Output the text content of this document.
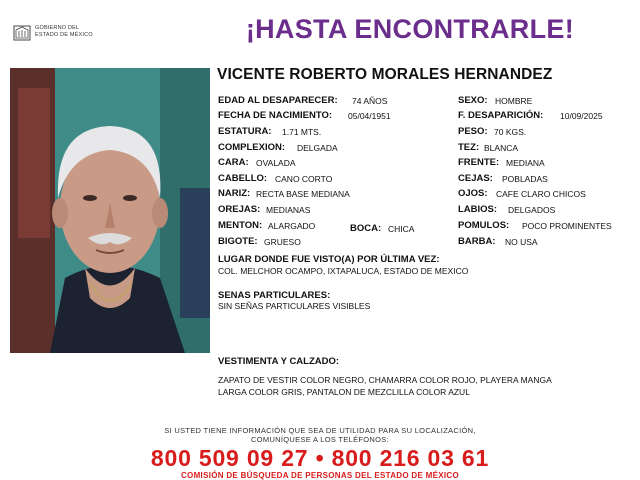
GOBIERNO DEL
ESTADO DE MÉXICO	¡HASTA ENCONTRARLE!
VICENTE ROBERTO MORALES HERNANDEZ
EDAD AL DESAPARECER: 74 AÑOS
FECHA DE NACIMIENTO: 05/04/1951
ESTATURA: 1.71 MTS.
COMPLEXION: DELGADA
CARA: OVALADA
CABELLO: CANO CORTO
NARIZ: RECTA BASE MEDIANA
OREJAS: MEDIANAS
MENTON: ALARGADO	BOCA: CHICA
BIGOTE: GRUESO
SEXO: HOMBRE
F. DESAPARICIÓN: 10/09/2025
PESO: 70 KGS.
TEZ: BLANCA
FRENTE: MEDIANA
CEJAS: POBLADAS
OJOS: CAFE CLARO CHICOS
LABIOS: DELGADOS
POMULOS: POCO PROMINENTES
BARBA: NO USA
LUGAR DONDE FUE VISTO(A) POR ÚLTIMA VEZ:
COL. MELCHOR OCAMPO, IXTAPALUCA, ESTADO DE MEXICO
SENAS PARTICULARES:
SIN SEÑAS PARTICULARES VISIBLES
VESTIMENTA Y CALZADO:
ZAPATO DE VESTIR COLOR NEGRO, CHAMARRA COLOR ROJO, PLAYERA MANGA
LARGA COLOR GRIS, PANTALON DE MEZCLILLA COLOR AZUL
SI USTED TIENE INFORMACIÓN QUE SEA DE UTILIDAD PARA SU LOCALIZACIÓN,
COMUNÍQUESE A LOS TELÉFONOS:
800 509 09 27 • 800 216 03 61
COMISIÓN DE BÚSQUEDA DE PERSONAS DEL ESTADO DE MÉXICO
